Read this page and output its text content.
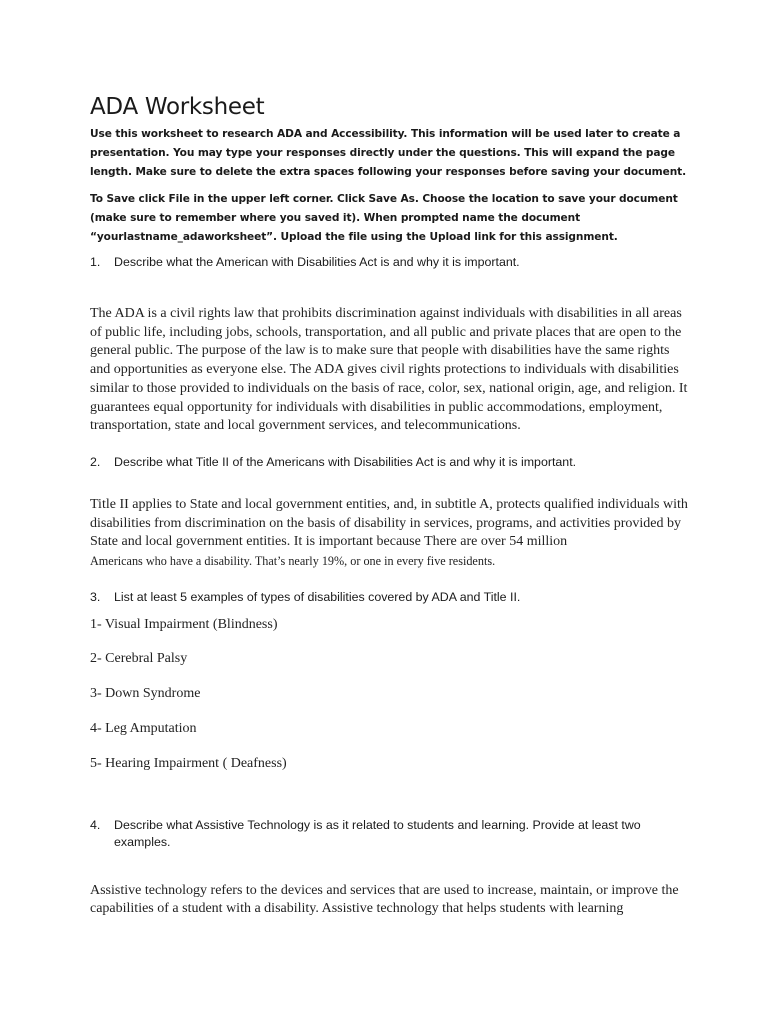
ADA Worksheet

Use this worksheet to research ADA and Accessibility. This information will be used later to create a presentation. You may type your responses directly under the questions. This will expand the page length. Make sure to delete the extra spaces following your responses before saving your document.

To Save click File in the upper left corner. Click Save As. Choose the location to save your document (make sure to remember where you saved it). When prompted name the document “yourlastname_adaworksheet”. Upload the file using the Upload link for this assignment.

1.	Describe what the American with Disabilities Act is and why it is important.

The ADA is a civil rights law that prohibits discrimination against individuals with disabilities in all areas of public life, including jobs, schools, transportation, and all public and private places that are open to the general public. The purpose of the law is to make sure that people with disabilities have the same rights and opportunities as everyone else. The ADA gives civil rights protections to individuals with disabilities similar to those provided to individuals on the basis of race, color, sex, national origin, age, and religion. It guarantees equal opportunity for individuals with disabilities in public accommodations, employment, transportation, state and local government services, and telecommunications.

2.	Describe what Title II of the Americans with Disabilities Act is and why it is important.

Title II applies to State and local government entities, and, in subtitle A, protects qualified individuals with disabilities from discrimination on the basis of disability in services, programs, and activities provided by State and local government entities. It is important because There are over 54 million
Americans who have a disability. That’s nearly 19%, or one in every five residents.

3.	List at least 5 examples of types of disabilities covered by ADA and Title II.

1- Visual Impairment (Blindness)

2- Cerebral Palsy

3- Down Syndrome

4- Leg Amputation

5- Hearing Impairment ( Deafness)

4.	Describe what Assistive Technology is as it related to students and learning. Provide at least two examples.

Assistive technology refers to the devices and services that are used to increase, maintain, or improve the capabilities of a student with a disability. Assistive technology that helps students with learning
